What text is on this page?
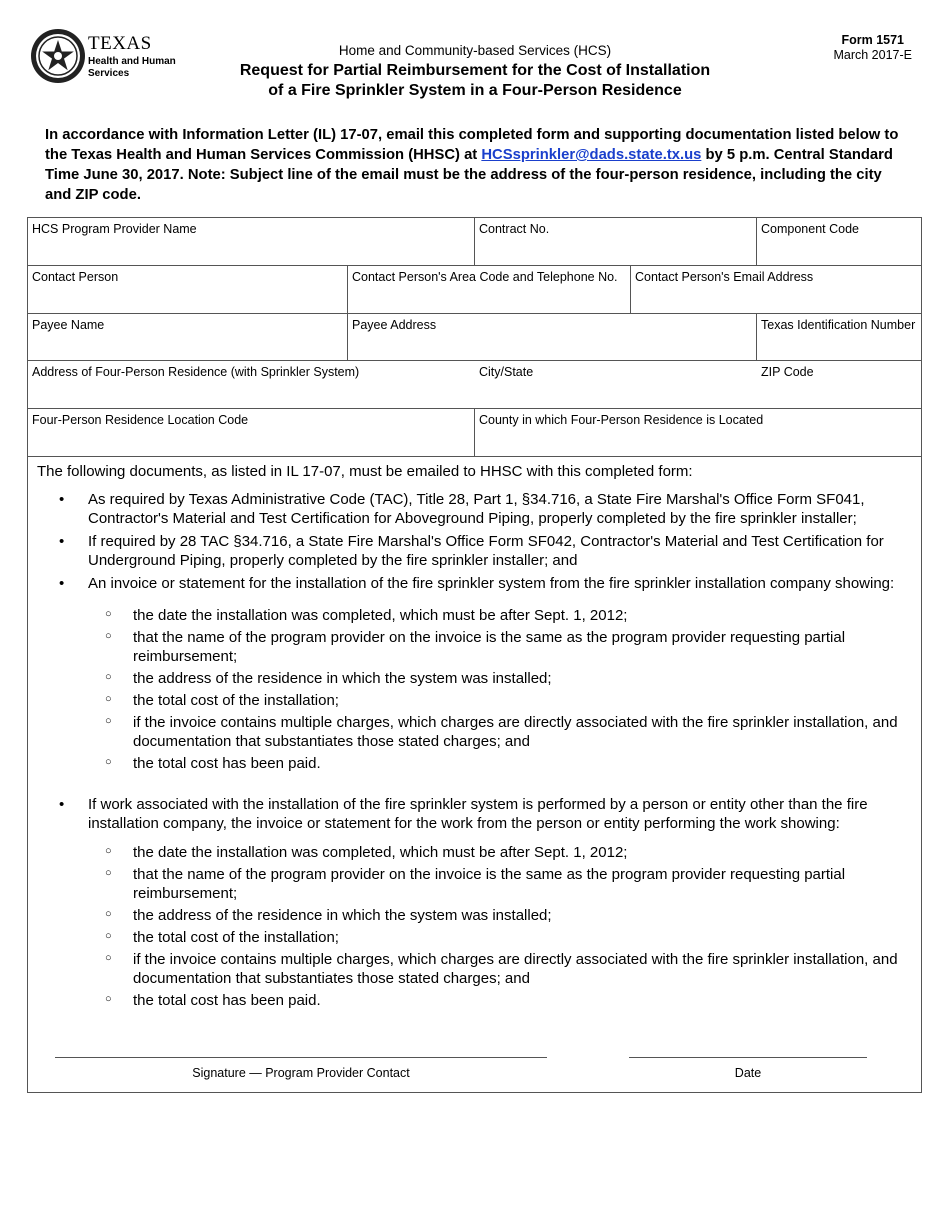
TEXAS
Health and Human
Services
Home and Community-based Services (HCS)
Request for Partial Reimbursement for the Cost of Installation
of a Fire Sprinkler System in a Four-Person Residence
Form 1571
March 2017-E
In accordance with Information Letter (IL) 17-07, email this completed form and supporting documentation listed below to the Texas Health and Human Services Commission (HHSC) at HCSsprinkler@dads.state.tx.us by 5 p.m. Central Standard Time June 30, 2017. Note: Subject line of the email must be the address of the four-person residence, including the city and ZIP code.
HCS Program Provider Name	Contract No.	Component Code
Contact Person	Contact Person's Area Code and Telephone No.	Contact Person's Email Address
Payee Name	Payee Address	Texas Identification Number
Address of Four-Person Residence (with Sprinkler System)	City/State	ZIP Code
Four-Person Residence Location Code	County in which Four-Person Residence is Located
The following documents, as listed in IL 17-07, must be emailed to HHSC with this completed form:
• As required by Texas Administrative Code (TAC), Title 28, Part 1, §34.716, a State Fire Marshal's Office Form SF041, Contractor's Material and Test Certification for Aboveground Piping, properly completed by the fire sprinkler installer;
• If required by 28 TAC §34.716, a State Fire Marshal's Office Form SF042, Contractor's Material and Test Certification for Underground Piping, properly completed by the fire sprinkler installer; and
• An invoice or statement for the installation of the fire sprinkler system from the fire sprinkler installation company showing:
○ the date the installation was completed, which must be after Sept. 1, 2012;
○ that the name of the program provider on the invoice is the same as the program provider requesting partial reimbursement;
○ the address of the residence in which the system was installed;
○ the total cost of the installation;
○ if the invoice contains multiple charges, which charges are directly associated with the fire sprinkler installation, and documentation that substantiates those stated charges; and
○ the total cost has been paid.
• If work associated with the installation of the fire sprinkler system is performed by a person or entity other than the fire installation company, the invoice or statement for the work from the person or entity performing the work showing:
○ the date the installation was completed, which must be after Sept. 1, 2012;
○ that the name of the program provider on the invoice is the same as the program provider requesting partial reimbursement;
○ the address of the residence in which the system was installed;
○ the total cost of the installation;
○ if the invoice contains multiple charges, which charges are directly associated with the fire sprinkler installation, and documentation that substantiates those stated charges; and
○ the total cost has been paid.
Signature — Program Provider Contact	Date
